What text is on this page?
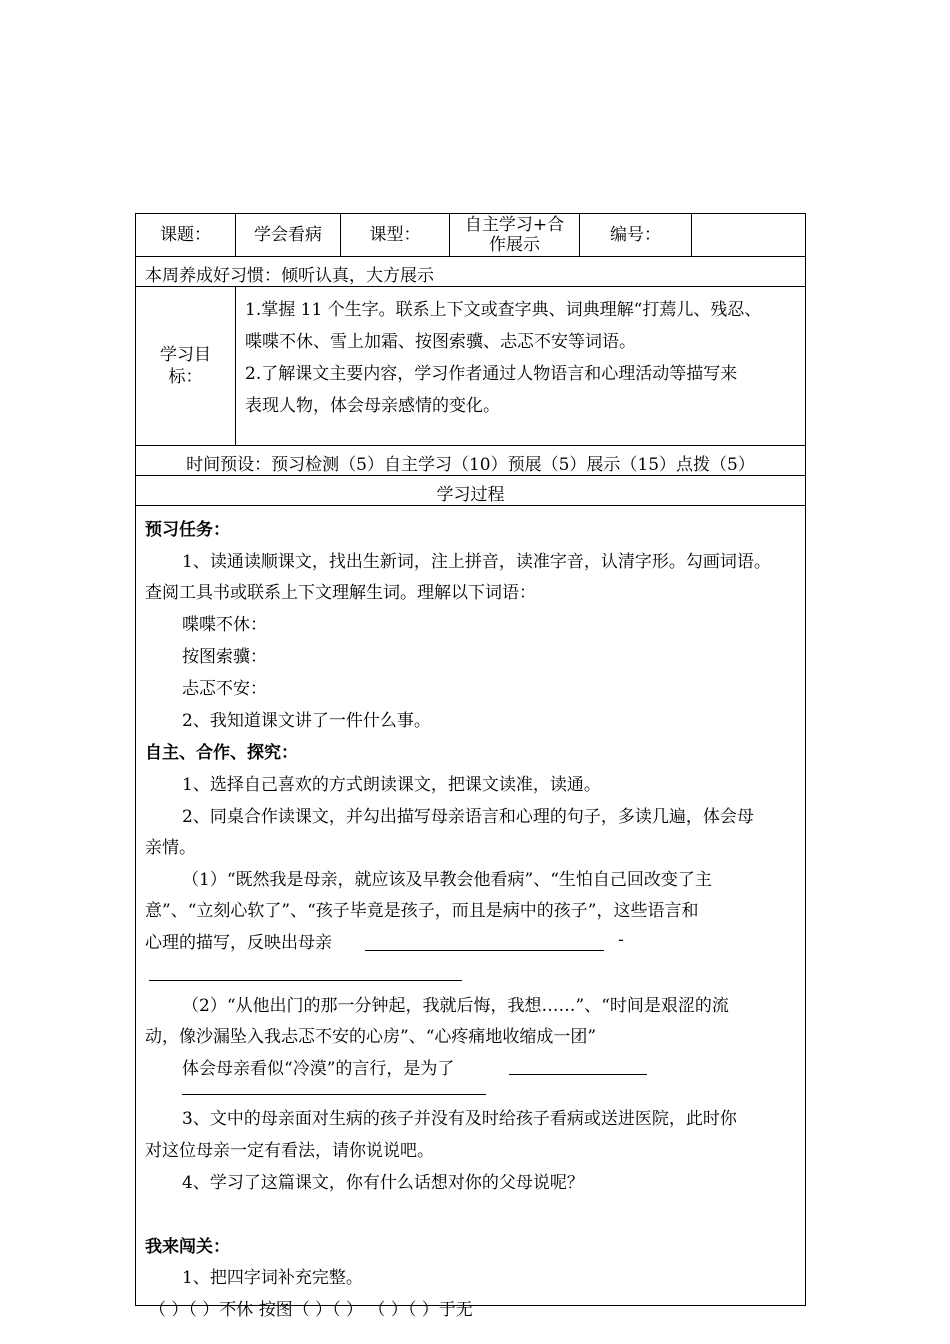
课题：	学会看病	课型：	自主学习+合作展示	编号：
本周养成好习惯：倾听认真，大方展示
学习目标：
1.掌握 11 个生字。联系上下文或查字典、词典理解“打蔫儿、残忍、
喋喋不休、雪上加霜、按图索骥、忐忑不安等词语。
2.了解课文主要内容，学习作者通过人物语言和心理活动等描写来
表现人物，体会母亲感情的变化。
时间预设：预习检测（5）自主学习（10）预展（5）展示（15）点拨（5）
学习过程
预习任务：
1、读通读顺课文，找出生新词，注上拼音，读准字音，认清字形。勾画词语。
查阅工具书或联系上下文理解生词。理解以下词语：
喋喋不休：
按图索骥：
忐忑不安：
2、我知道课文讲了一件什么事。
自主、合作、探究：
1、选择自己喜欢的方式朗读课文，把课文读准，读通。
2、同桌合作读课文，并勾出描写母亲语言和心理的句子，多读几遍，体会母
亲情。
（1）“既然我是母亲，就应该及早教会他看病”、“生怕自己回改变了主
意”、“立刻心软了”、“孩子毕竟是孩子，而且是病中的孩子”，这些语言和
心理的描写，反映出母亲	-
（2）“从他出门的那一分钟起，我就后悔，我想……”、“时间是艰涩的流
动，像沙漏坠入我忐忑不安的心房”、“心疼痛地收缩成一团”
体会母亲看似“冷漠”的言行，是为了
3、文中的母亲面对生病的孩子并没有及时给孩子看病或送进医院，此时你
对这位母亲一定有看法，请你说说吧。
4、学习了这篇课文，你有什么话想对你的父母说呢？
我来闯关：
1、把四字词补充完整。
（ ）（ ）不休 按图（ ）（ ） （ ）（ ）于无
